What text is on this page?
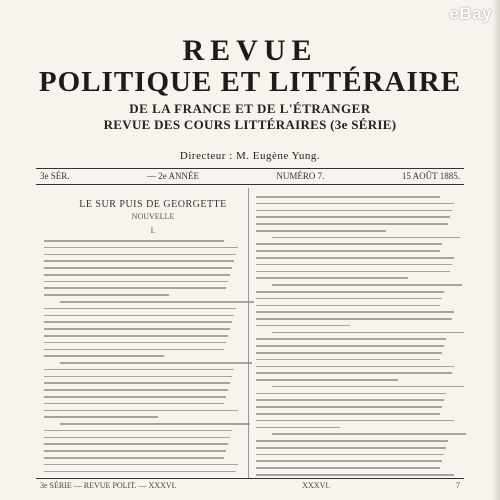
eBay
REVUE
POLITIQUE ET LITTÉRAIRE
DE LA FRANCE ET DE L'ÉTRANGER
REVUE DES COURS LITTÉRAIRES (3e SÉRIE)
Directeur : M. Eugène Yung.
3e SÉR.	— 2e ANNÉE	NUMÉRO 7.	15 AOÛT 1885.
LE SUR PUIS DE GEORGETTE
NOUVELLE
I.
3e SÉRIE — REVUE POLIT. — XXXVI.	XXXVI.	7
